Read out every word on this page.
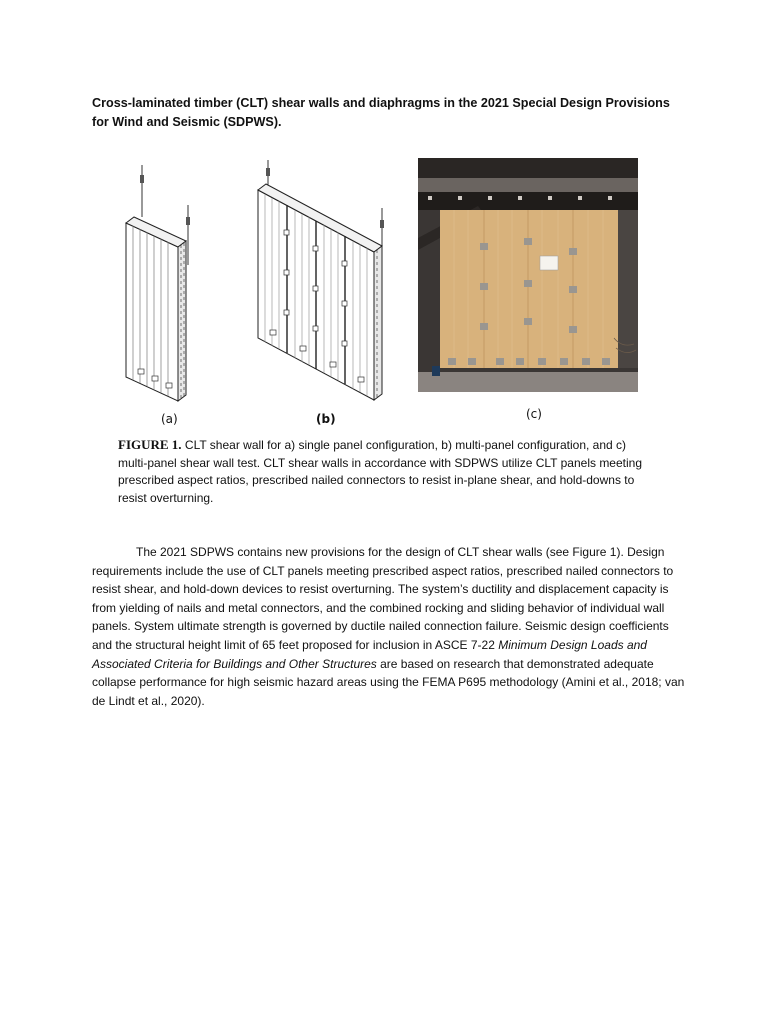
Cross-laminated timber (CLT) shear walls and diaphragms in the 2021 Special Design Provisions for Wind and Seismic (SDPWS).
(a)	(b)	(c)
FIGURE 1. CLT shear wall for a) single panel configuration, b) multi-panel configuration, and c) multi-panel shear wall test. CLT shear walls in accordance with SDPWS utilize CLT panels meeting prescribed aspect ratios, prescribed nailed connectors to resist in-plane shear, and hold-downs to resist overturning.
The 2021 SDPWS contains new provisions for the design of CLT shear walls (see Figure 1). Design requirements include the use of CLT panels meeting prescribed aspect ratios, prescribed nailed connectors to resist shear, and hold-down devices to resist overturning. The system’s ductility and displacement capacity is from yielding of nails and metal connectors, and the combined rocking and sliding behavior of individual wall panels. System ultimate strength is governed by ductile nailed connection failure. Seismic design coefficients and the structural height limit of 65 feet proposed for inclusion in ASCE 7-22 Minimum Design Loads and Associated Criteria for Buildings and Other Structures are based on research that demonstrated adequate collapse performance for high seismic hazard areas using the FEMA P695 methodology (Amini et al., 2018; van de Lindt et al., 2020).
